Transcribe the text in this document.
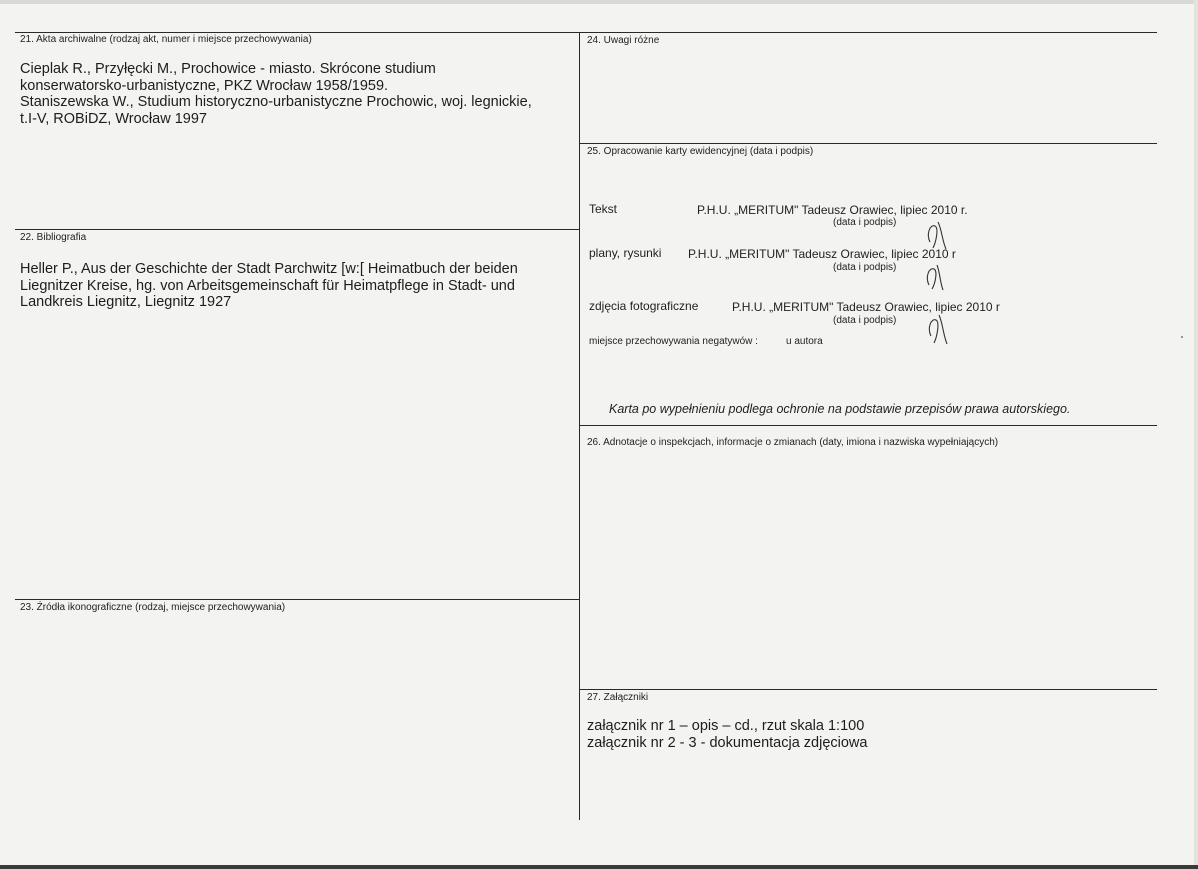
21. Akta archiwalne (rodzaj akt, numer i miejsce przechowywania)
Cieplak R., Przyłęcki M., Prochowice - miasto. Skrócone studium
konserwatorsko-urbanistyczne, PKZ Wrocław 1958/1959.
Staniszewska W., Studium historyczno-urbanistyczne Prochowic, woj. legnickie,
t.I-V, ROBiDZ, Wrocław 1997
22. Bibliografia
Heller P., Aus der Geschichte der Stadt Parchwitz [w:[ Heimatbuch der beiden
Liegnitzer Kreise, hg. von Arbeitsgemeinschaft für Heimatpflege in Stadt- und
Landkreis Liegnitz, Liegnitz 1927
23. Źródła ikonograficzne (rodzaj, miejsce przechowywania)
24. Uwagi różne
25. Opracowanie karty ewidencyjnej (data i podpis)
Tekst	P.H.U. „MERITUM" Tadeusz Orawiec, lipiec 2010 r.
(data i podpis)
plany, rysunki P.H.U. „MERITUM" Tadeusz Orawiec, lipiec 2010 r
(data i podpis)
zdjęcia fotograficzne	P.H.U. „MERITUM" Tadeusz Orawiec, lipiec 2010 r
(data i podpis)
miejsce przechowywania negatywów :	u autora
Karta po wypełnieniu podlega ochronie na podstawie przepisów prawa autorskiego.
26. Adnotacje o inspekcjach, informacje o zmianach (daty, imiona i nazwiska wypełniających)
27. Załączniki
załącznik nr 1 – opis – cd., rzut skala 1:100
załącznik nr 2 - 3 - dokumentacja zdjęciowa
